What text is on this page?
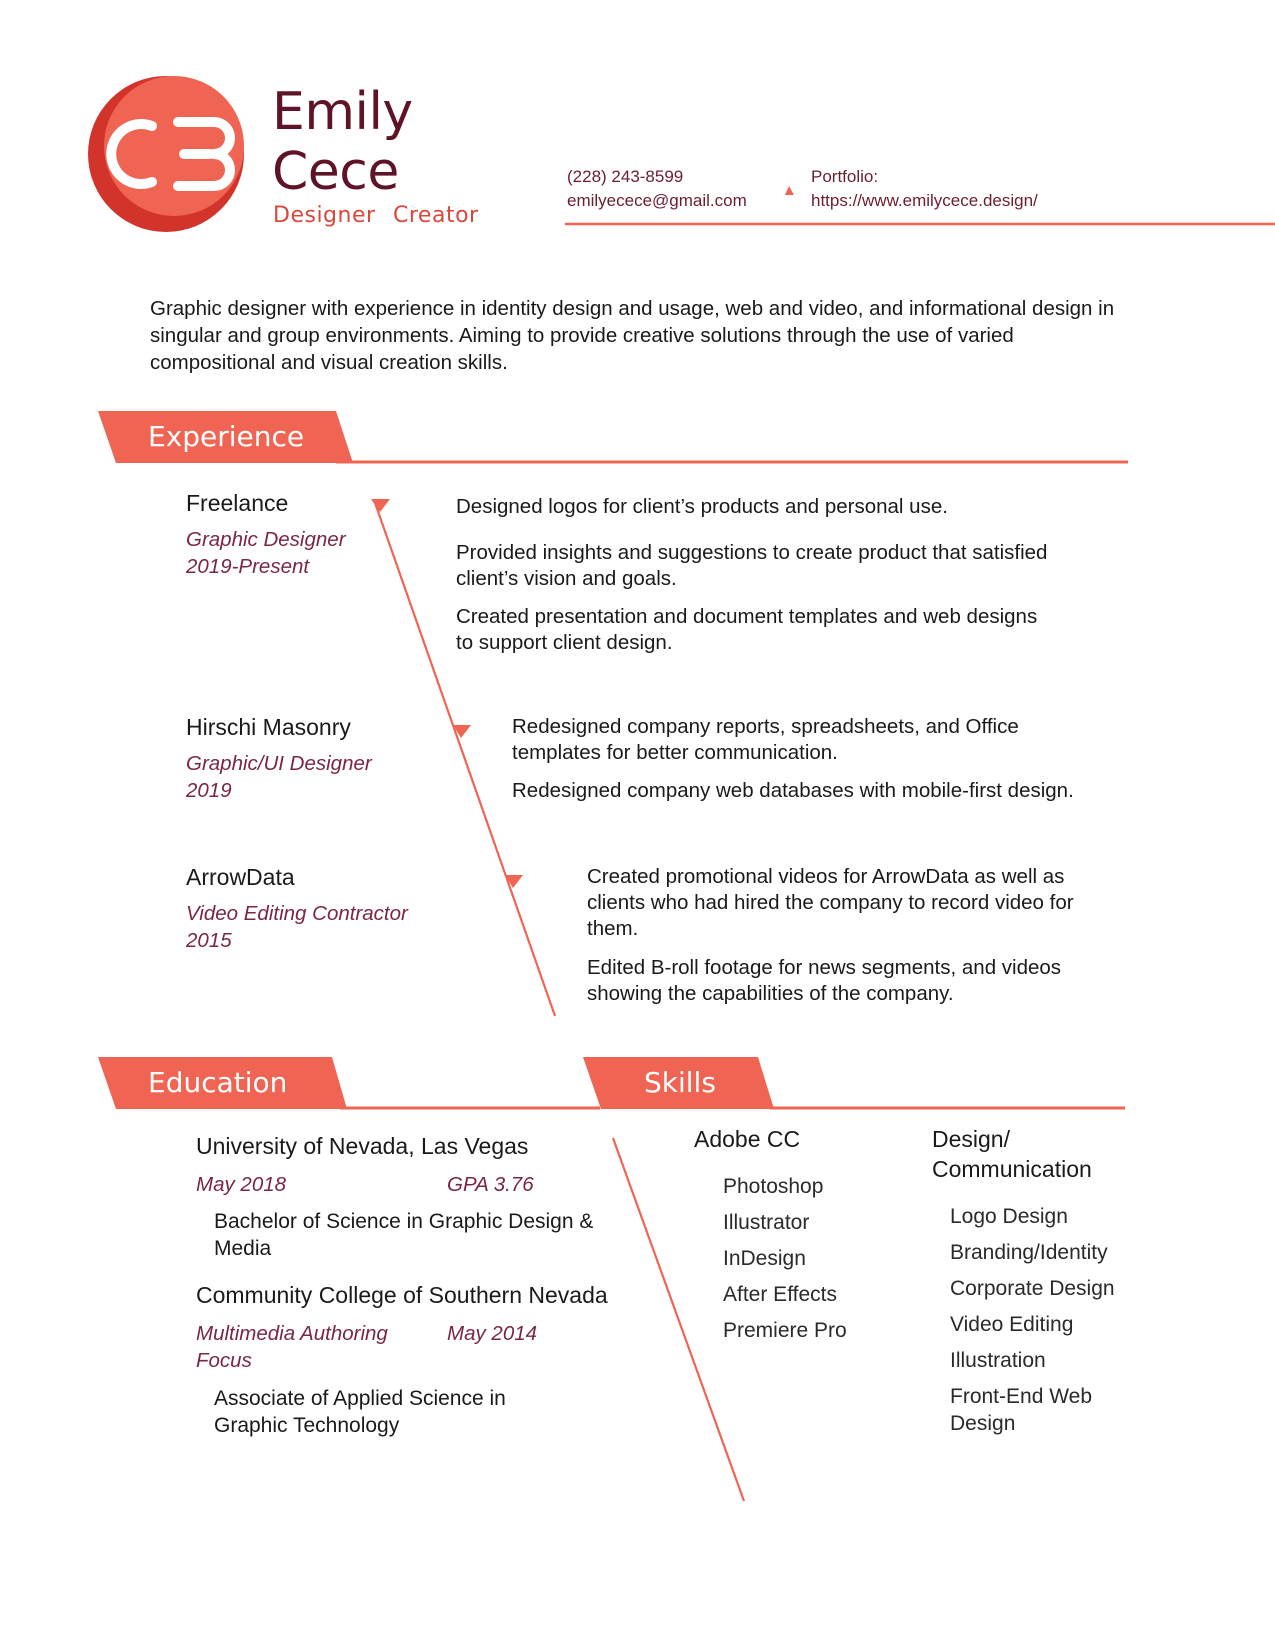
Emily
Cece
Designer Creator
(228) 243-8599
emilyecece@gmail.com
Portfolio:
https://www.emilycece.design/
Graphic designer with experience in identity design and usage, web and video, and informational design in singular and group environments. Aiming to provide creative solutions through the use of varied compositional and visual creation skills.
Experience
Freelance
Graphic Designer
2019-Present
Designed logos for client’s products and personal use.
Provided insights and suggestions to create product that satisfied client’s vision and goals.
Created presentation and document templates and web designs to support client design.
Hirschi Masonry
Graphic/UI Designer
2019
Redesigned company reports, spreadsheets, and Office templates for better communication.
Redesigned company web databases with mobile-first design.
ArrowData
Video Editing Contractor
2015
Created promotional videos for ArrowData as well as clients who had hired the company to record video for them.
Edited B-roll footage for news segments, and videos showing the capabilities of the company.
Education
University of Nevada, Las Vegas
May 2018	GPA 3.76
Bachelor of Science in Graphic Design & Media
Community College of Southern Nevada
Multimedia Authoring Focus
May 2014
Associate of Applied Science in Graphic Technology
Skills
Adobe CC
Photoshop
Illustrator
InDesign
After Effects
Premiere Pro
Design/ Communication
Logo Design
Branding/Identity
Corporate Design
Video Editing
Illustration
Front-End Web Design
